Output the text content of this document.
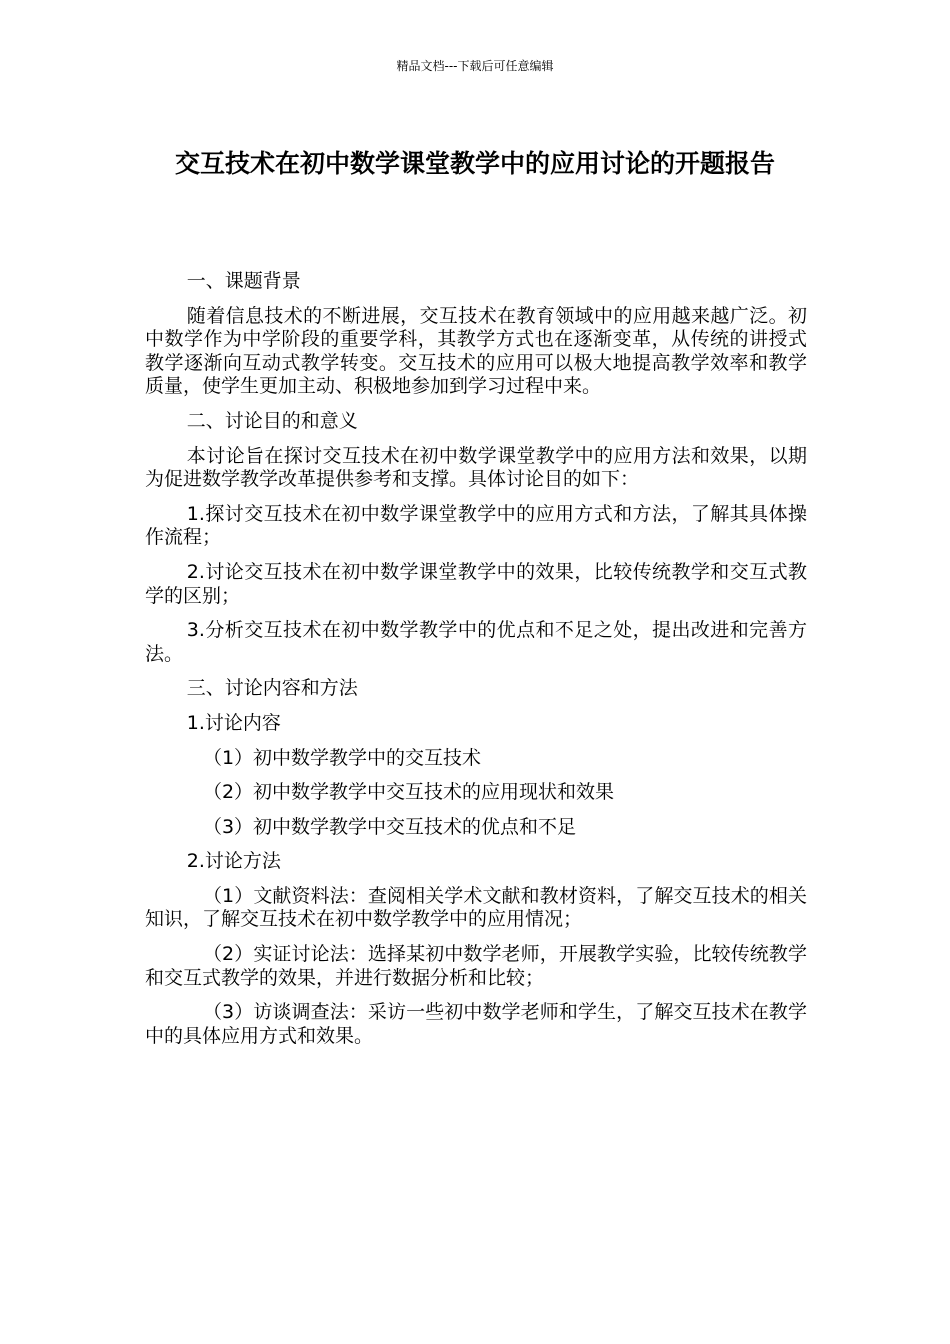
精品文档---下载后可任意编辑
交互技术在初中数学课堂教学中的应用讨论的开题报告

一、课题背景

随着信息技术的不断进展，交互技术在教育领域中的应用越来越广泛。初中数学作为中学阶段的重要学科，其教学方式也在逐渐变革，从传统的讲授式教学逐渐向互动式教学转变。交互技术的应用可以极大地提高教学效率和教学质量，使学生更加主动、积极地参加到学习过程中来。

二、讨论目的和意义

本讨论旨在探讨交互技术在初中数学课堂教学中的应用方法和效果，以期为促进数学教学改革提供参考和支撑。具体讨论目的如下：

1.探讨交互技术在初中数学课堂教学中的应用方式和方法，了解其具体操作流程；

2.讨论交互技术在初中数学课堂教学中的效果，比较传统教学和交互式教学的区别；

3.分析交互技术在初中数学教学中的优点和不足之处，提出改进和完善方法。

三、讨论内容和方法

1.讨论内容

（1）初中数学教学中的交互技术

（2）初中数学教学中交互技术的应用现状和效果

（3）初中数学教学中交互技术的优点和不足

2.讨论方法

（1）文献资料法：查阅相关学术文献和教材资料，了解交互技术的相关知识，了解交互技术在初中数学教学中的应用情况；

（2）实证讨论法：选择某初中数学老师，开展教学实验，比较传统教学和交互式教学的效果，并进行数据分析和比较；

（3）访谈调查法：采访一些初中数学老师和学生，了解交互技术在教学中的具体应用方式和效果。
